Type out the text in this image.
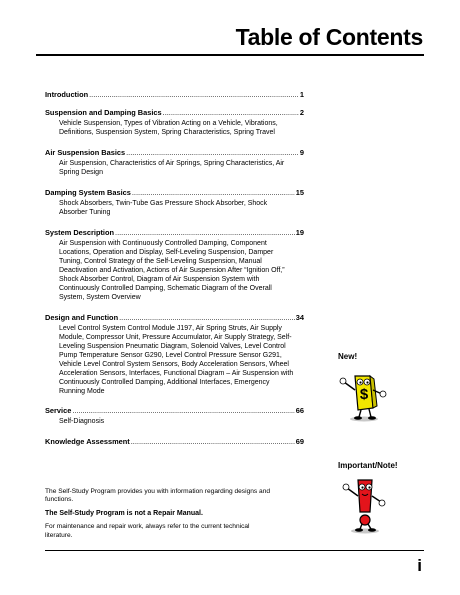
Table of Contents
Introduction .....	1
Suspension and Damping Basics .....	2
Vehicle Suspension, Types of Vibration Acting on a Vehicle, Vibrations, Definitions, Suspension System, Spring Characteristics, Spring Travel
Air Suspension Basics .....	9
Air Suspension, Characteristics of Air Springs, Spring Characteristics, Air Spring Design
Damping System Basics .....	15
Shock Absorbers, Twin-Tube Gas Pressure Shock Absorber, Shock Absorber Tuning
System Description .....	19
Air Suspension with Continuously Controlled Damping, Component Locations, Operation and Display, Self-Leveling Suspension, Damper Tuning, Control Strategy of the Self-Leveling Suspension, Manual Deactivation and Activation, Actions of Air Suspension After “Ignition Off,” Shock Absorber Control, Diagram of Air Suspension System with Continuously Controlled Damping, Schematic Diagram of the Overall System, System Overview
Design and Function .....	34
Level Control System Control Module J197, Air Spring Struts, Air Supply Module, Compressor Unit, Pressure Accumulator, Air Supply Strategy, Self-Leveling Suspension Pneumatic Diagram, Solenoid Valves, Level Control Pump Temperature Sensor G290, Level Control Pressure Sensor G291, Vehicle Level Control System Sensors, Body Acceleration Sensors, Wheel Acceleration Sensors, Interfaces, Functional Diagram – Air Suspension with Continuously Controlled Damping, Additional Interfaces, Emergency Running Mode
Service .....	66
Self-Diagnosis
Knowledge Assessment .....	69
New!
$
Important/Note!

The Self-Study Program provides you with information regarding designs and functions.

The Self-Study Program is not a Repair Manual.

For maintenance and repair work, always refer to the current technical literature.

i
